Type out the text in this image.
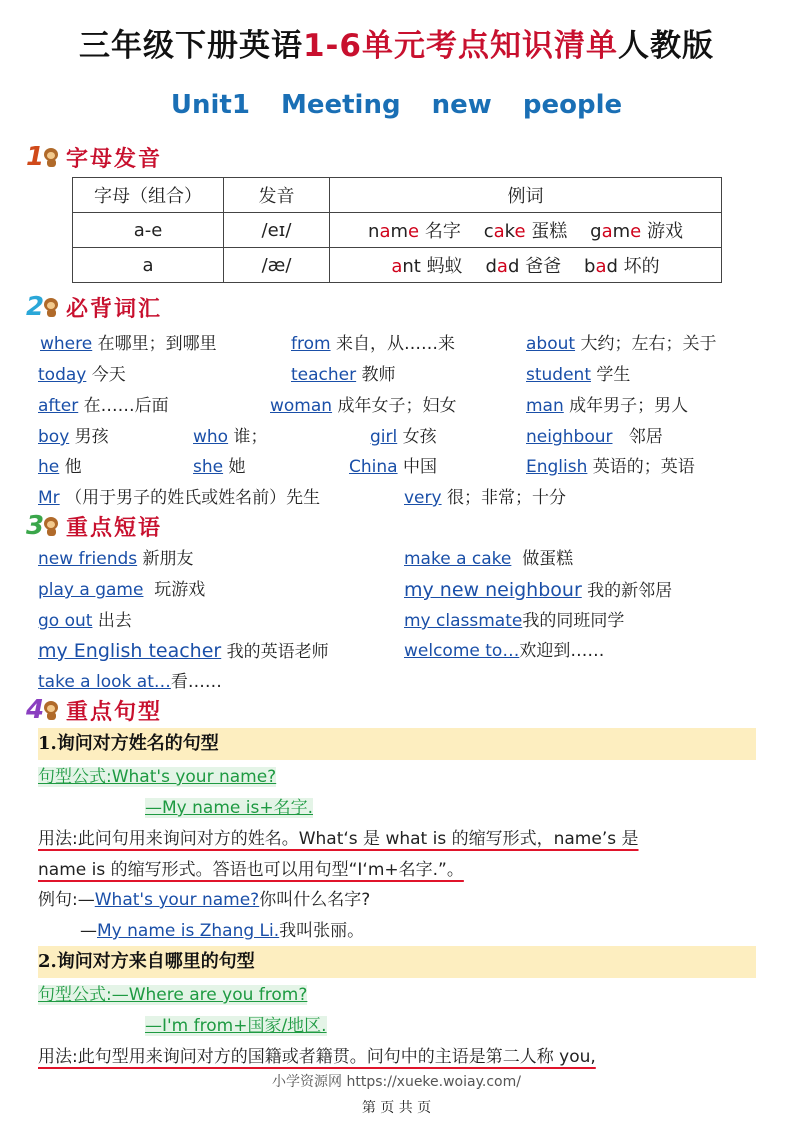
三年级下册英语1-6单元考点知识清单人教版
Unit1 Meeting new people
1 字母发音
字母（组合）	发音	例词
a-e	/eɪ/	name 名字 cake 蛋糕 game 游戏
a	/æ/	ant 蚂蚁 dad 爸爸 bad 坏的
2 必背词汇
where 在哪里；到哪里	from 来自，从……来	about 大约；左右；关于
today 今天	teacher 教师	student 学生
after 在……后面	woman 成年女子；妇女	man 成年男子；男人
boy 男孩	who 谁；	girl 女孩	neighbour 邻居
he 他	she 她	China 中国	English 英语的；英语
Mr （用于男子的姓氏或姓名前）先生	very 很；非常；十分
3 重点短语
new friends 新朋友	make a cake 做蛋糕
play a game 玩游戏	my new neighbour 我的新邻居
go out 出去	my classmate我的同班同学
my English teacher 我的英语老师	welcome to…欢迎到……
take a look at…看……
4 重点句型
1.询问对方姓名的句型
句型公式:What's your name?
—My name is+名字.
用法:此问句用来询问对方的姓名。What‘s 是 what is 的缩写形式，name’s 是
name is 的缩写形式。答语也可以用句型“I‘m+名字.”。
例句:—What's your name?你叫什么名字?
—My name is Zhang Li.我叫张丽。
2.询问对方来自哪里的句型
句型公式:—Where are you from?
—I'm from+国家/地区.
用法:此句型用来询问对方的国籍或者籍贯。问句中的主语是第二人称 you,
小学资源网 https://xueke.woiay.com/
第 页 共 页
